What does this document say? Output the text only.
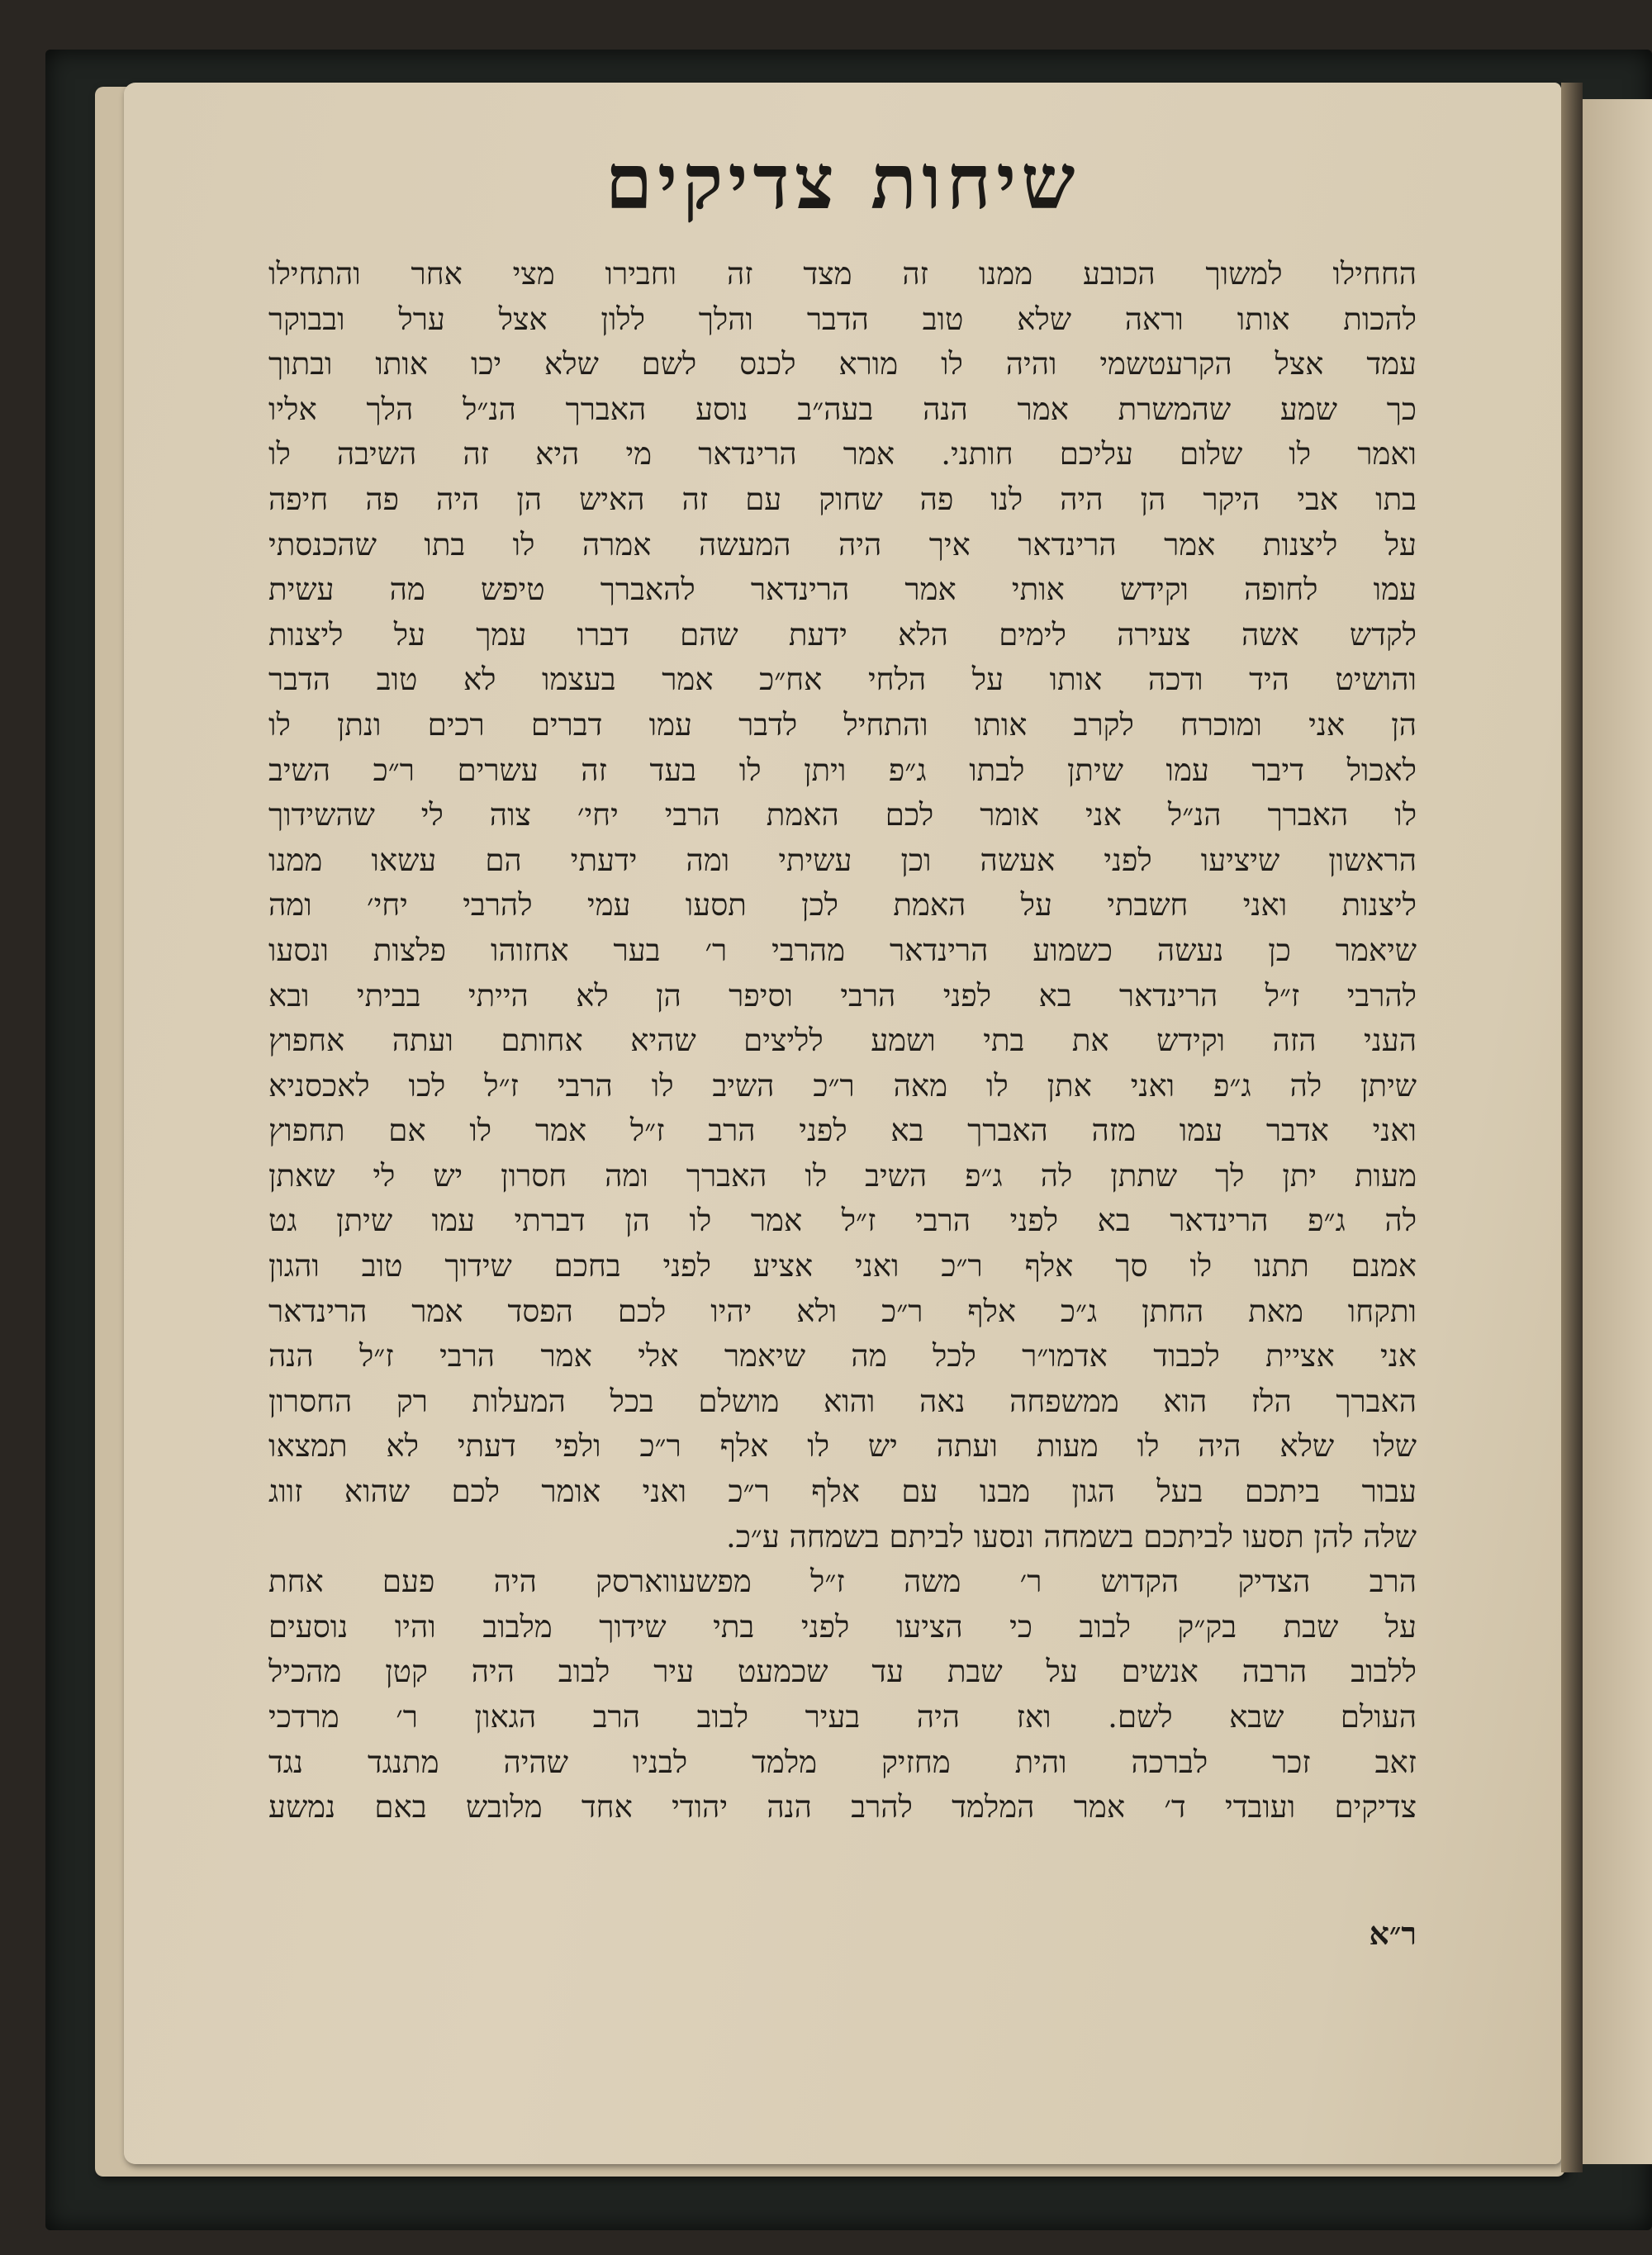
שיחות צדיקים
החחילו למשוך הכובע ממנו זה מצד זה וחבירו מצי אחר והתחילו
להכות אותו וראה שלא טוב הדבר והלך ללון אצל ערל ובבוקר
עמד אצל הקרעטשמי והיה לו מורא לכנס לשם שלא יכו אותו ובתוך
כך שמע שהמשרת אמר הנה בעה״ב נוסע האברך הנ״ל הלך אליו
ואמר לו שלום עליכם חותני. אמר הרינדאר מי היא זה השיבה לו
בתו אבי היקר הן היה לנו פה שחוק עם זה האיש הן היה פה חיפה
על ליצנות אמר הרינדאר איך היה המעשה אמרה לו בתו שהכנסתי
עמו לחופה וקידש אותי אמר הרינדאר להאברך טיפש מה עשית
לקדש אשה צעירה לימים הלא ידעת שהם דברו עמך על ליצנות
והושיט היד ודכה אותו על הלחי אח״כ אמר בעצמו לא טוב הדבר
הן אני ומוכרח לקרב אותו והתחיל לדבר עמו דברים רכים ונתן לו
לאכול דיבר עמו שיתן לבתו ג״פ ויתן לו בעד זה עשרים ר״כ השיב
לו האברך הנ״ל אני אומר לכם האמת הרבי יחי׳ צוה לי שהשידוך
הראשון שיציעו לפני אעשה וכן עשיתי ומה ידעתי הם עשאו ממנו
ליצנות ואני חשבתי על האמת לכן תסעו עמי להרבי יחי׳ ומה
שיאמר כן נעשה כשמוע הרינדאר מהרבי ר׳ בער אחזוהו פלצות ונסעו
להרבי ז״ל הרינדאר בא לפני הרבי וסיפר הן לא הייתי בביתי ובא
העני הזה וקידש את בתי ושמע לליצים שהיא אחותם ועתה אחפוץ
שיתן לה ג״פ ואני אתן לו מאה ר״כ השיב לו הרבי ז״ל לכו לאכסניא
ואני אדבר עמו מזה האברך בא לפני הרב ז״ל אמר לו אם תחפוץ
מעות יתן לך שתתן לה ג״פ השיב לו האברך ומה חסרון יש לי שאתן
לה ג״פ הרינדאר בא לפני הרבי ז״ל אמר לו הן דברתי עמו שיתן גט
אמנם תתנו לו סך אלף ר״כ ואני אציע לפני בחכם שידוך טוב והגון
ותקחו מאת החתן ג״כ אלף ר״כ ולא יהיו לכם הפסד אמר הרינדאר
אני אציית לכבוד אדמו״ר לכל מה שיאמר אלי אמר הרבי ז״ל הנה
האברך הלז הוא ממשפחה נאה והוא מושלם בכל המעלות רק החסרון
שלו שלא היה לו מעות ועתה יש לו אלף ר״כ ולפי דעתי לא תמצאו
עבור ביתכם בעל הגון מבנו עם אלף ר״כ ואני אומר לכם שהוא זווג
שלה להן תסעו לביתכם בשמחה ונסעו לביתם בשמחה ע״כ.
הרב הצדיק הקדוש ר׳ משה ז״ל מפשעווארסק היה פעם אחת
על שבת בק״ק לבוב כי הציעו לפני בתי שידוך מלבוב והיו נוסעים
ללבוב הרבה אנשים על שבת עד שכמעט עיר לבוב היה קטן מהכיל
העולם שבא לשם. ואז היה בעיר לבוב הרב הגאון ר׳ מרדכי
זאב זכר לברכה והית מחזיק מלמד לבניו שהיה מתנגד נגד
צדיקים ועובדי ד׳ אמר המלמד להרב הנה יהודי אחד מלובש באם נמשע
ר״א
